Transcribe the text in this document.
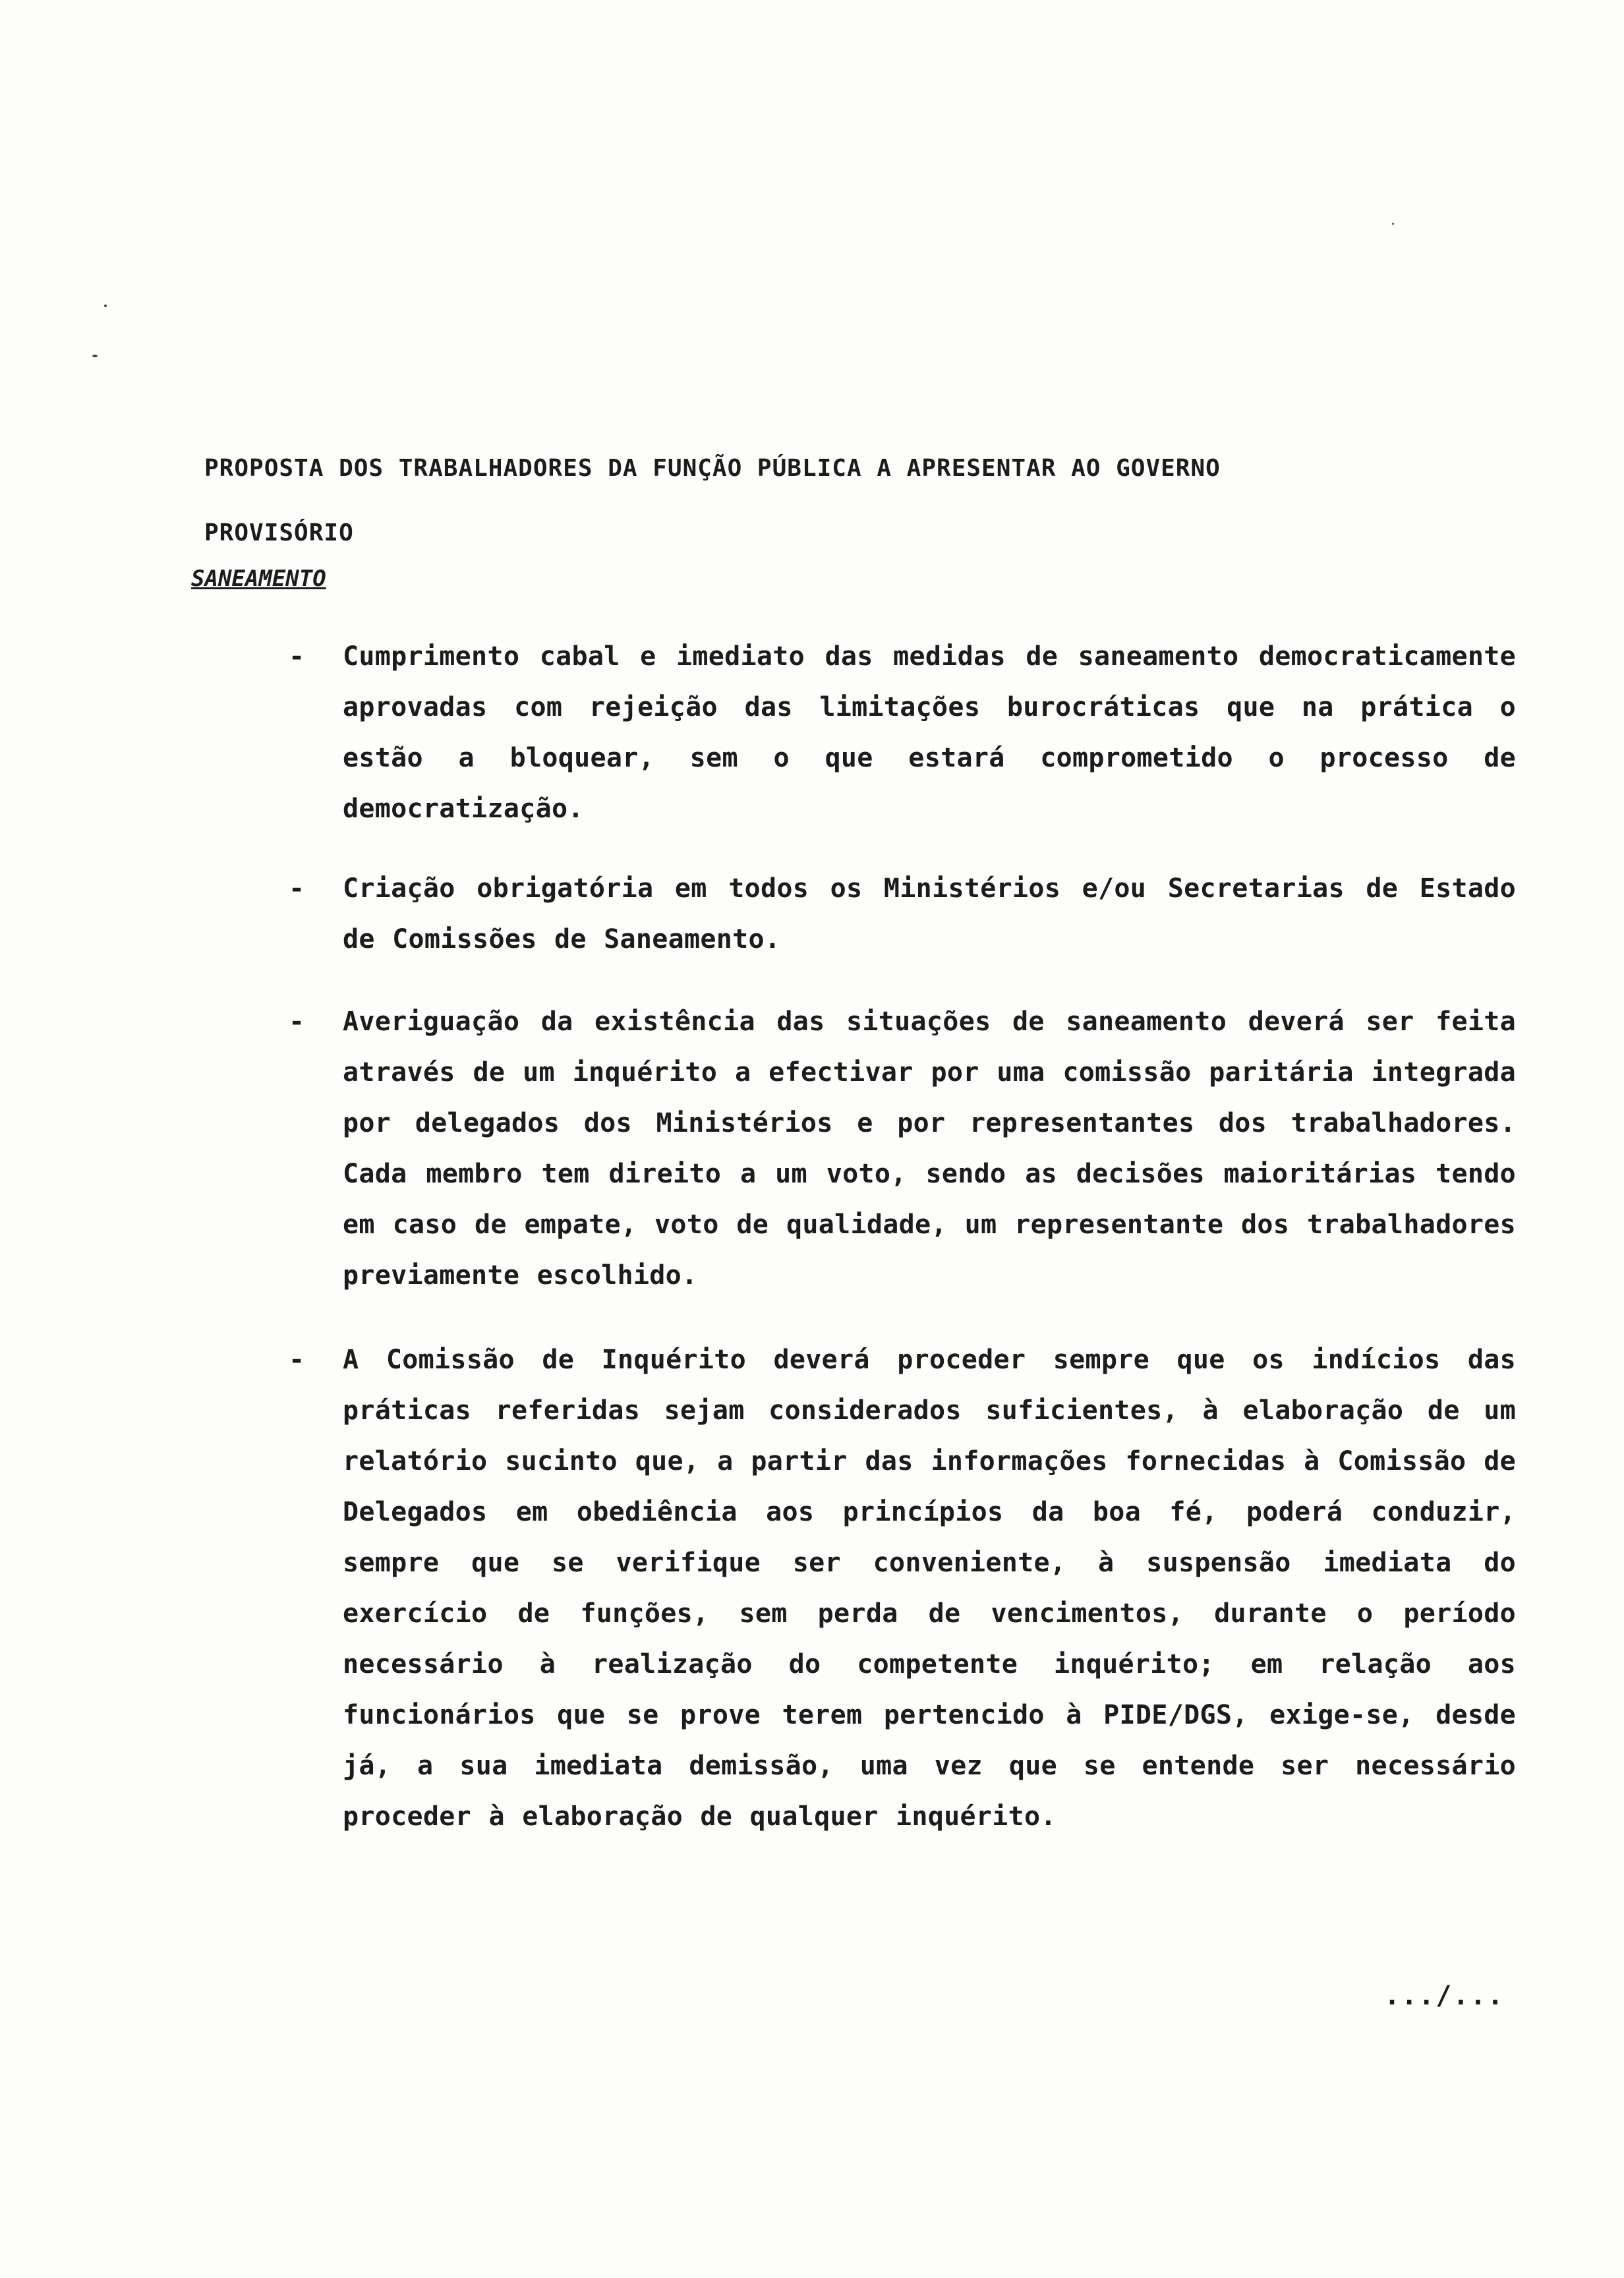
PROPOSTA DOS TRABALHADORES DA FUNÇÃO PÚBLICA A APRESENTAR AO GOVERNO
PROVISÓRIO
SANEAMENTO
- Cumprimento cabal e imediato das medidas de saneamento democraticamente aprovadas com rejeição das limitações burocráticas que na prática o estão a bloquear, sem o que estará comprometido o processo de democratização.

- Criação obrigatória em todos os Ministérios e/ou Secretarias de Estado de Comissões de Saneamento.

- Averiguação da existência das situações de saneamento deverá ser feita através de um inquérito a efectivar por uma comissão paritária integrada por delegados dos Ministérios e por representantes dos trabalhadores. Cada membro tem direito a um voto, sendo as decisões maioritárias tendo em caso de empate, voto de qualidade, um representante dos trabalhadores previamente escolhido.

- A Comissão de Inquérito deverá proceder sempre que os indícios das práticas referidas sejam considerados suficientes, à elaboração de um relatório sucinto que, a partir das informações fornecidas à Comissão de Delegados em obediência aos princípios da boa fé, poderá conduzir, sempre que se verifique ser conveniente, à suspensão imediata do exercício de funções, sem perda de vencimentos, durante o período necessário à realização do competente inquérito; em relação aos funcionários que se prove terem pertencido à PIDE/DGS, exige-se, desde já, a sua imediata demissão, uma vez que se entende ser necessário proceder à elaboração de qualquer inquérito.

.../...
